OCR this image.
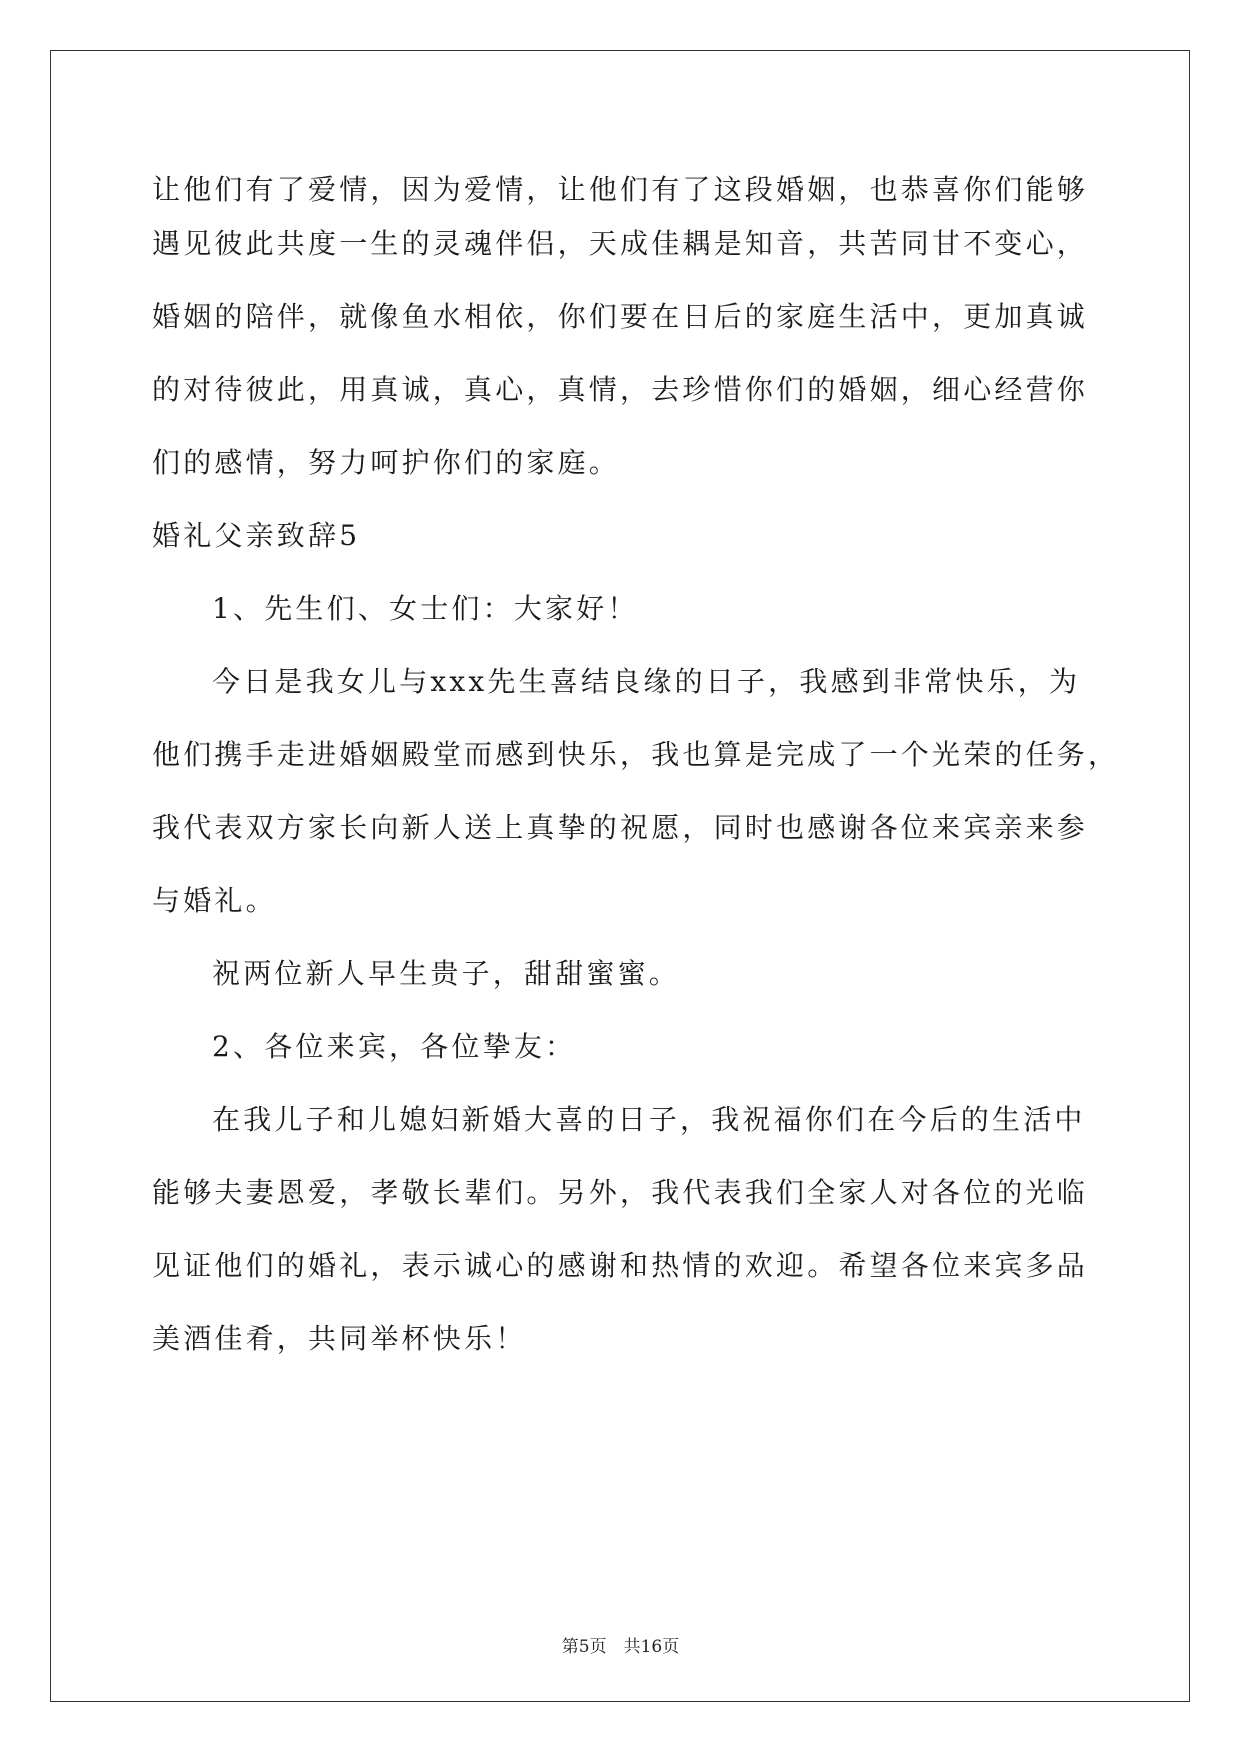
让他们有了爱情，因为爱情，让他们有了这段婚姻，也恭喜你们能够
遇见彼此共度一生的灵魂伴侣，天成佳耦是知音，共苦同甘不变心，
婚姻的陪伴，就像鱼水相依，你们要在日后的家庭生活中，更加真诚
的对待彼此，用真诚，真心，真情，去珍惜你们的婚姻，细心经营你
们的感情，努力呵护你们的家庭。
婚礼父亲致辞5
1、先生们、女士们：大家好！
今日是我女儿与xxx先生喜结良缘的日子，我感到非常快乐，为
他们携手走进婚姻殿堂而感到快乐，我也算是完成了一个光荣的任务，
我代表双方家长向新人送上真挚的祝愿，同时也感谢各位来宾亲来参
与婚礼。
祝两位新人早生贵子，甜甜蜜蜜。
2、各位来宾，各位挚友：
在我儿子和儿媳妇新婚大喜的日子，我祝福你们在今后的生活中
能够夫妻恩爱，孝敬长辈们。另外，我代表我们全家人对各位的光临
见证他们的婚礼，表示诚心的感谢和热情的欢迎。希望各位来宾多品
美酒佳肴，共同举杯快乐！
第5页　共16页
